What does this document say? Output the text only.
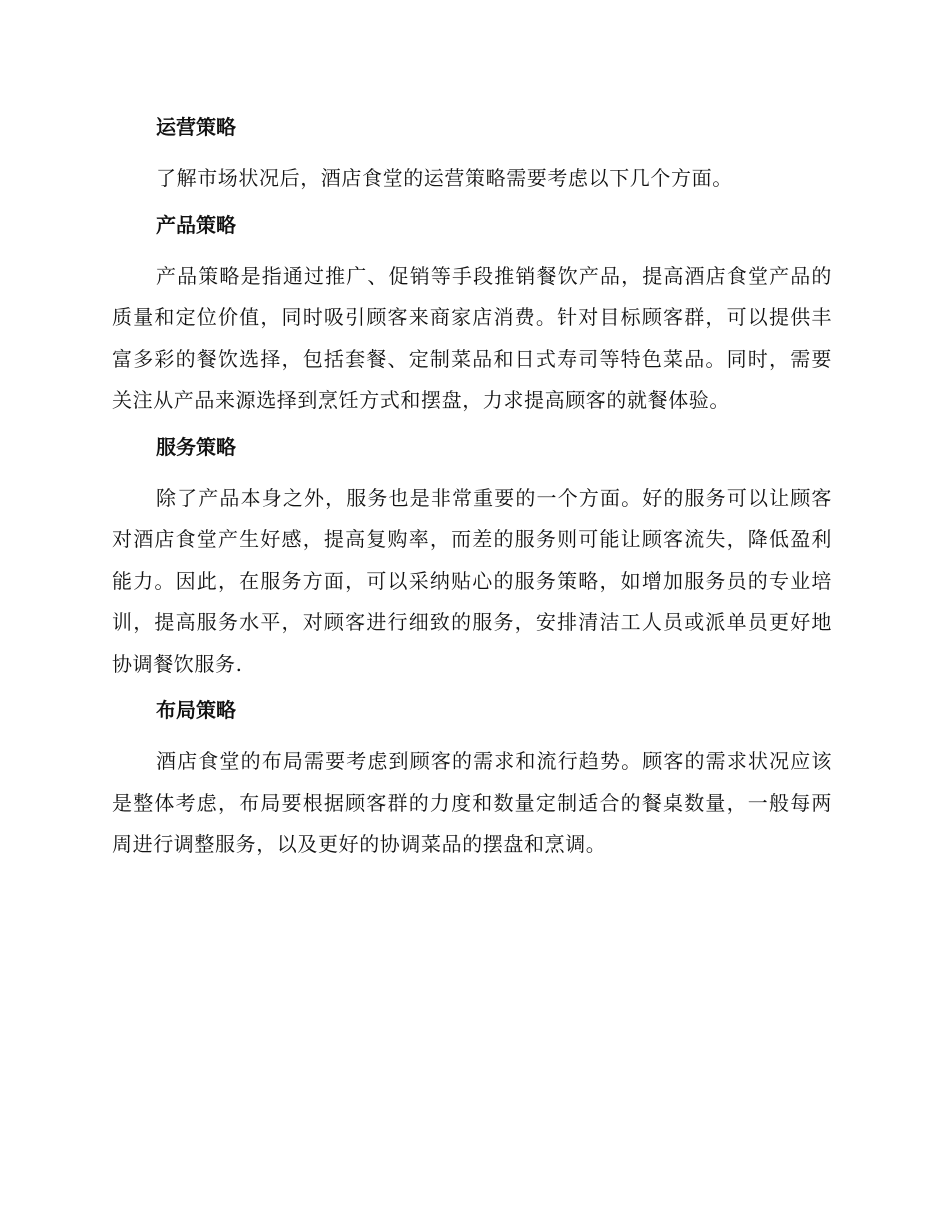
运营策略

了解市场状况后，酒店食堂的运营策略需要考虑以下几个方面。

产品策略

产品策略是指通过推广、促销等手段推销餐饮产品，提高酒店食堂产品的质量和定位价值，同时吸引顾客来商家店消费。针对目标顾客群，可以提供丰富多彩的餐饮选择，包括套餐、定制菜品和日式寿司等特色菜品。同时，需要关注从产品来源选择到烹饪方式和摆盘，力求提高顾客的就餐体验。

服务策略

除了产品本身之外，服务也是非常重要的一个方面。好的服务可以让顾客对酒店食堂产生好感，提高复购率，而差的服务则可能让顾客流失，降低盈利能力。因此，在服务方面，可以采纳贴心的服务策略，如增加服务员的专业培训，提高服务水平，对顾客进行细致的服务，安排清洁工人员或派单员更好地协调餐饮服务.

布局策略

酒店食堂的布局需要考虑到顾客的需求和流行趋势。顾客的需求状况应该是整体考虑，布局要根据顾客群的力度和数量定制适合的餐桌数量，一般每两周进行调整服务，以及更好的协调菜品的摆盘和烹调。
